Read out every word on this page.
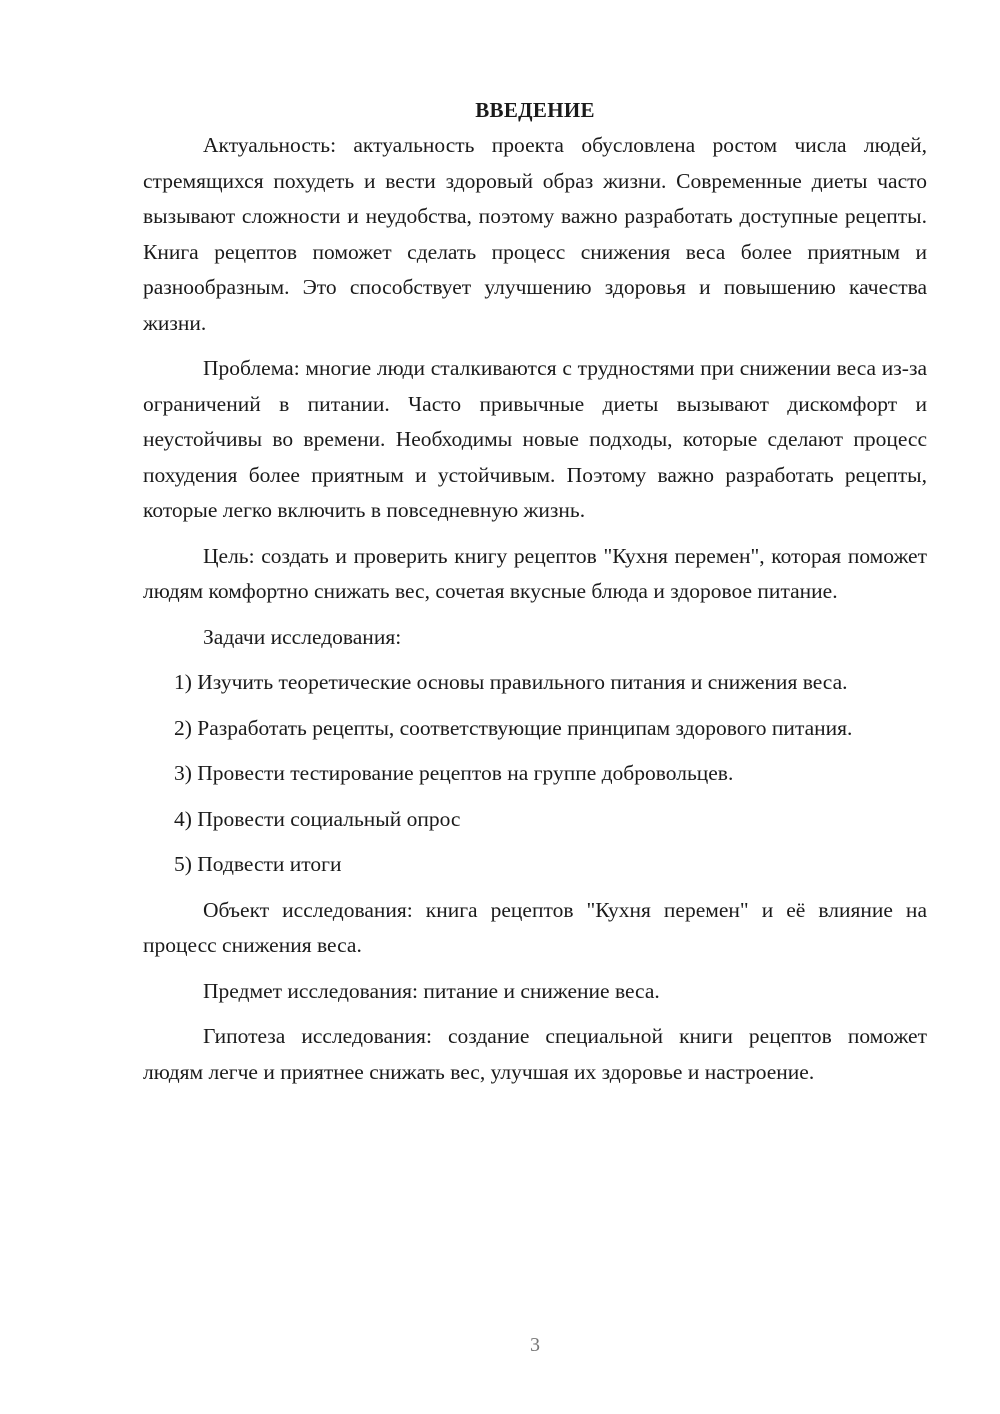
ВВЕДЕНИЕ

Актуальность: актуальность проекта обусловлена ростом числа людей, стремящихся похудеть и вести здоровый образ жизни. Современные диеты часто вызывают сложности и неудобства, поэтому важно разработать доступные рецепты. Книга рецептов поможет сделать процесс снижения веса более приятным и разнообразным. Это способствует улучшению здоровья и повышению качества жизни.

Проблема: многие люди сталкиваются с трудностями при снижении веса из-за ограничений в питании. Часто привычные диеты вызывают дискомфорт и неустойчивы во времени. Необходимы новые подходы, которые сделают процесс похудения более приятным и устойчивым. Поэтому важно разработать рецепты, которые легко включить в повседневную жизнь.

Цель: создать и проверить книгу рецептов "Кухня перемен", которая поможет людям комфортно снижать вес, сочетая вкусные блюда и здоровое питание.

Задачи исследования:

1) Изучить теоретические основы правильного питания и снижения веса.

2) Разработать рецепты, соответствующие принципам здорового питания.

3) Провести тестирование рецептов на группе добровольцев.

4) Провести социальный опрос

5) Подвести итоги

Объект исследования: книга рецептов "Кухня перемен" и её влияние на процесс снижения веса.

Предмет исследования: питание и снижение веса.

Гипотеза исследования: создание специальной книги рецептов поможет людям легче и приятнее снижать вес, улучшая их здоровье и настроение.

3
